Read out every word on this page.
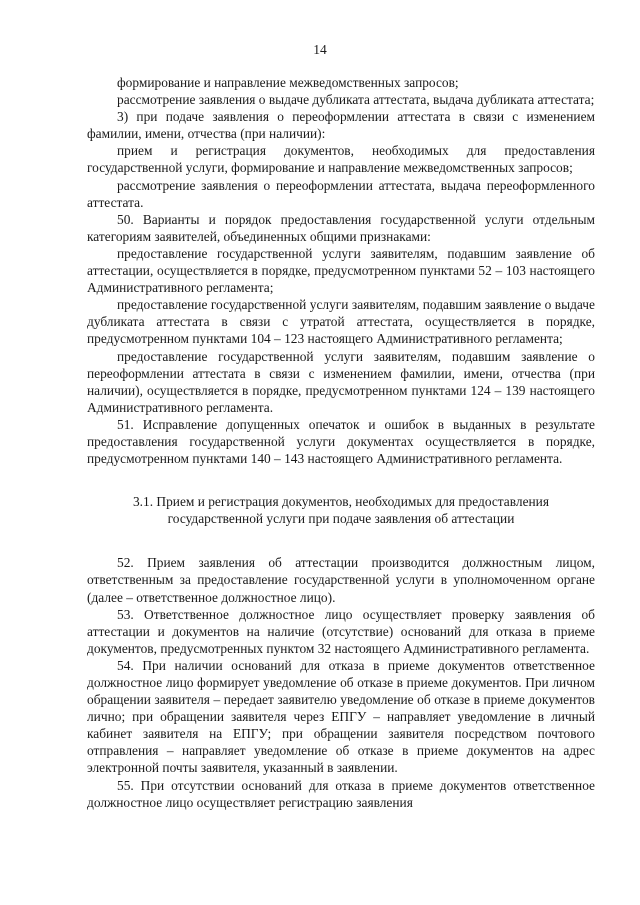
14

формирование и направление межведомственных запросов;

рассмотрение заявления о выдаче дубликата аттестата, выдача дубликата аттестата;

3) при подаче заявления о переоформлении аттестата в связи с изменением фамилии, имени, отчества (при наличии):

прием и регистрация документов, необходимых для предоставления государственной услуги, формирование и направление межведомственных запросов;

рассмотрение заявления о переоформлении аттестата, выдача переоформленного аттестата.

50. Варианты и порядок предоставления государственной услуги отдельным категориям заявителей, объединенных общими признаками:

предоставление государственной услуги заявителям, подавшим заявление об аттестации, осуществляется в порядке, предусмотренном пунктами 52 – 103 настоящего Административного регламента;

предоставление государственной услуги заявителям, подавшим заявление о выдаче дубликата аттестата в связи с утратой аттестата, осуществляется в порядке, предусмотренном пунктами 104 – 123 настоящего Административного регламента;

предоставление государственной услуги заявителям, подавшим заявление о переоформлении аттестата в связи с изменением фамилии, имени, отчества (при наличии), осуществляется в порядке, предусмотренном пунктами 124 – 139 настоящего Административного регламента.

51. Исправление допущенных опечаток и ошибок в выданных в результате предоставления государственной услуги документах осуществляется в порядке, предусмотренном пунктами 140 – 143 настоящего Административного регламента.

3.1. Прием и регистрация документов, необходимых для предоставления государственной услуги при подаче заявления об аттестации

52. Прием заявления об аттестации производится должностным лицом, ответственным за предоставление государственной услуги в уполномоченном органе (далее – ответственное должностное лицо).

53. Ответственное должностное лицо осуществляет проверку заявления об аттестации и документов на наличие (отсутствие) оснований для отказа в приеме документов, предусмотренных пунктом 32 настоящего Административного регламента.

54. При наличии оснований для отказа в приеме документов ответственное должностное лицо формирует уведомление об отказе в приеме документов. При личном обращении заявителя – передает заявителю уведомление об отказе в приеме документов лично; при обращении заявителя через ЕПГУ – направляет уведомление в личный кабинет заявителя на ЕПГУ; при обращении заявителя посредством почтового отправления – направляет уведомление об отказе в приеме документов на адрес электронной почты заявителя, указанный в заявлении.

55. При отсутствии оснований для отказа в приеме документов ответственное должностное лицо осуществляет регистрацию заявления
